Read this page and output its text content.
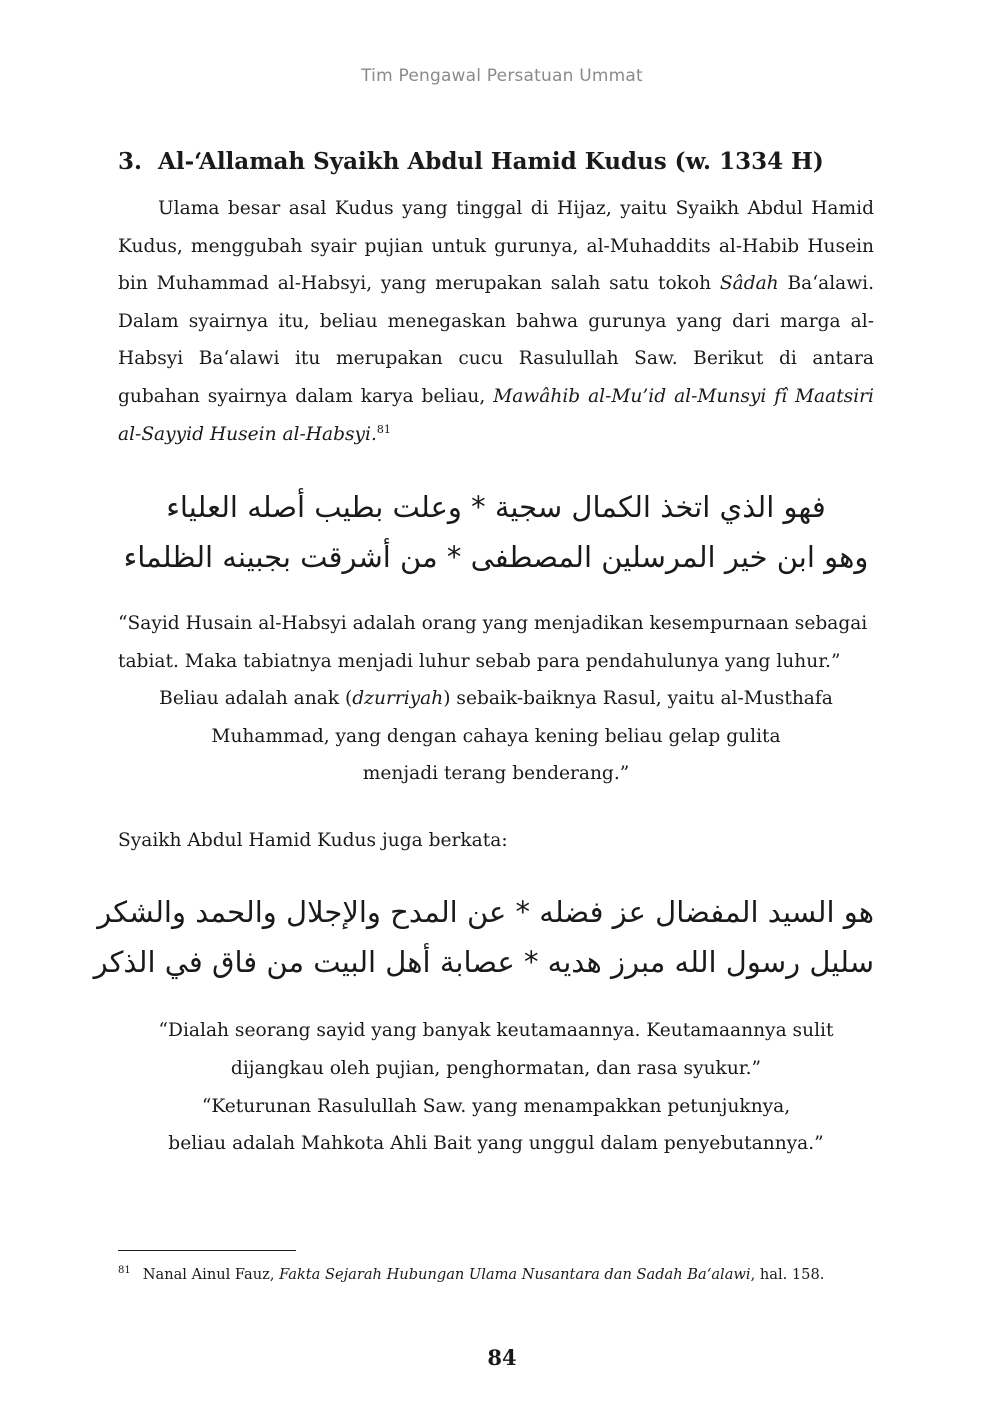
Tim Pengawal Persatuan Ummat
3. Al-‘Allamah Syaikh Abdul Hamid Kudus (w. 1334 H)

Ulama besar asal Kudus yang tinggal di Hijaz, yaitu Syaikh Abdul Hamid Kudus, menggubah syair pujian untuk gurunya, al-Muhaddits al-Habib Husein bin Muhammad al-Habsyi, yang merupakan salah satu tokoh Sâdah Ba‘alawi. Dalam syairnya itu, beliau menegaskan bahwa gurunya yang dari marga al-Habsyi Ba‘alawi itu merupakan cucu Rasulullah Saw. Berikut di antara gubahan syairnya dalam karya beliau, Mawâhib al-Mu’id al-Munsyi fî Maatsiri al-Sayyid Husein al-Habsyi.$^{81}$

فهو الذي اتخذ الكمال سجية * وعلت بطيب أصله العلياء
وهو ابن خير المرسلين المصطفى * من أشرقت بجبينه الظلماء

“Sayid Husain al-Habsyi adalah orang yang menjadikan kesempurnaan sebagai

tabiat. Maka tabiatnya menjadi luhur sebab para pendahulunya yang luhur.”

Beliau adalah anak (dzurriyah) sebaik-baiknya Rasul, yaitu al-Musthafa

Muhammad, yang dengan cahaya kening beliau gelap gulita

menjadi terang benderang.”

Syaikh Abdul Hamid Kudus juga berkata:

هو السيد المفضال عز فضله * عن المدح والإجلال والحمد والشكر
سليل رسول الله مبرز هديه * عصابة أهل البيت من فاق في الذكر

“Dialah seorang sayid yang banyak keutamaannya. Keutamaannya sulit

dijangkau oleh pujian, penghormatan, dan rasa syukur.”

“Keturunan Rasulullah Saw. yang menampakkan petunjuknya,

beliau adalah Mahkota Ahli Bait yang unggul dalam penyebutannya.”

$^{81}$ Nanal Ainul Fauz, Fakta Sejarah Hubungan Ulama Nusantara dan Sadah Ba‘alawi, hal. 158.
84
